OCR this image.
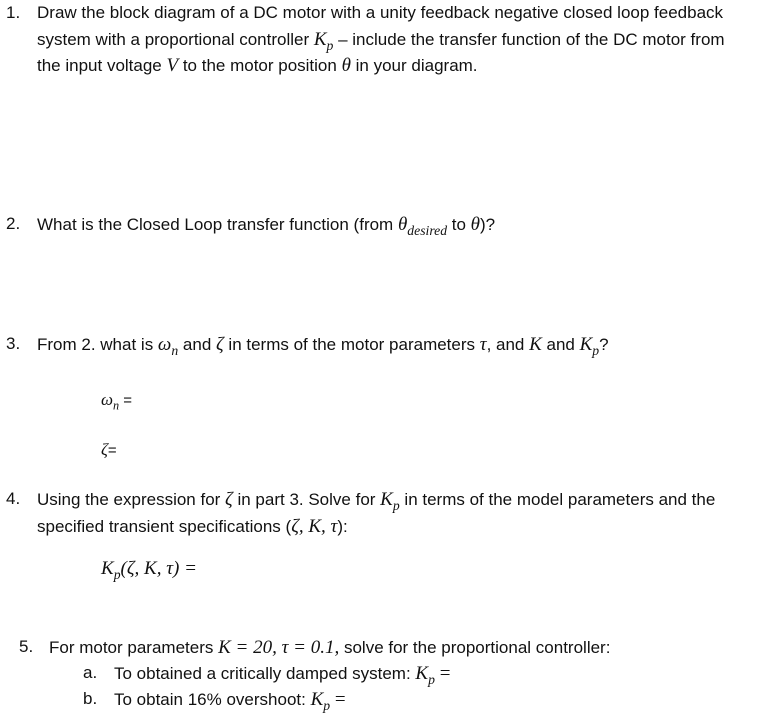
1. Draw the block diagram of a DC motor with a unity feedback negative closed loop feedback
system with a proportional controller $K_p$ – include the transfer function of the DC motor from
the input voltage V to the motor position θ in your diagram.
2. What is the Closed Loop transfer function (from $\theta_{desired}$ to θ)?
3. From 2. what is $\omega_n$ and ζ in terms of the motor parameters τ, and K and $K_p$?
$\omega_n$ =
ζ=
4. Using the expression for ζ in part 3. Solve for $K_p$ in terms of the model parameters and the
specified transient specifications (ζ, K, τ):
$K_p(\zeta$, K, τ) =
5. For motor parameters K = 20, τ = 0.1, solve for the proportional controller:
a. To obtained a critically damped system: $K_p$ =
b. To obtain 16% overshoot: $K_p$ =
